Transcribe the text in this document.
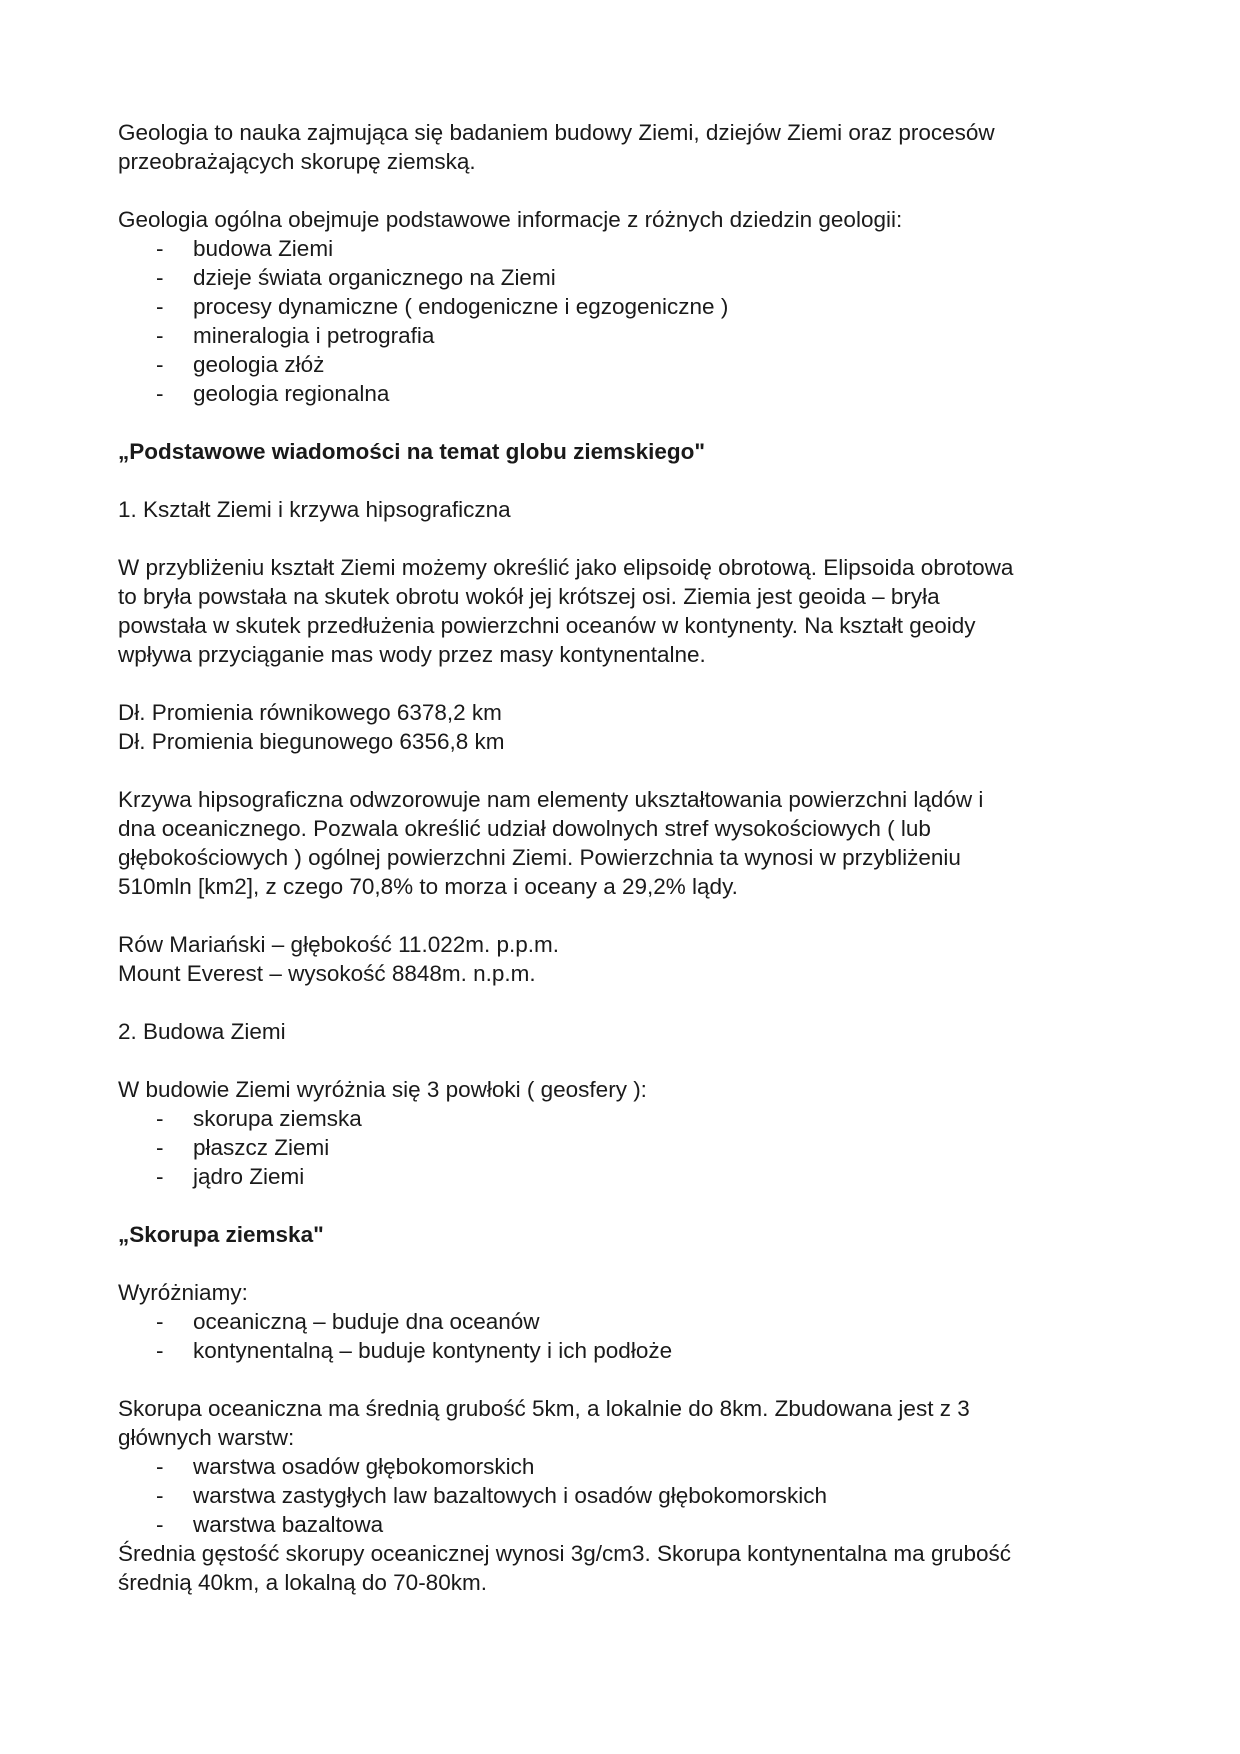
Geologia to nauka zajmująca się badaniem budowy Ziemi, dziejów Ziemi oraz procesów
przeobrażających skorupę ziemską.

Geologia ogólna obejmuje podstawowe informacje z różnych dziedzin geologii:

- budowa Ziemi
- dzieje świata organicznego na Ziemi
- procesy dynamiczne ( endogeniczne i egzogeniczne )
- mineralogia i petrografia
- geologia złóż
- geologia regionalna

„Podstawowe wiadomości na temat globu ziemskiego"

1. Kształt Ziemi i krzywa hipsograficzna

W przybliżeniu kształt Ziemi możemy określić jako elipsoidę obrotową. Elipsoida obrotowa
to bryła powstała na skutek obrotu wokół jej krótszej osi. Ziemia jest geoida – bryła
powstała w skutek przedłużenia powierzchni oceanów w kontynenty. Na kształt geoidy
wpływa przyciąganie mas wody przez masy kontynentalne.

Dł. Promienia równikowego 6378,2 km
Dł. Promienia biegunowego 6356,8 km

Krzywa hipsograficzna odwzorowuje nam elementy ukształtowania powierzchni lądów i
dna oceanicznego. Pozwala określić udział dowolnych stref wysokościowych ( lub
głębokościowych ) ogólnej powierzchni Ziemi. Powierzchnia ta wynosi w przybliżeniu
510mln [km2], z czego 70,8% to morza i oceany a 29,2% lądy.

Rów Mariański – głębokość 11.022m. p.p.m.
Mount Everest – wysokość 8848m. n.p.m.

2. Budowa Ziemi

W budowie Ziemi wyróżnia się 3 powłoki ( geosfery ):

- skorupa ziemska
- płaszcz Ziemi
- jądro Ziemi

„Skorupa ziemska"

Wyróżniamy:

- oceaniczną – buduje dna oceanów
- kontynentalną – buduje kontynenty i ich podłoże

Skorupa oceaniczna ma średnią grubość 5km, a lokalnie do 8km. Zbudowana jest z 3
głównych warstw:

- warstwa osadów głębokomorskich
- warstwa zastygłych law bazaltowych i osadów głębokomorskich
- warstwa bazaltowa

Średnia gęstość skorupy oceanicznej wynosi 3g/cm3. Skorupa kontynentalna ma grubość
średnią 40km, a lokalną do 70-80km.
